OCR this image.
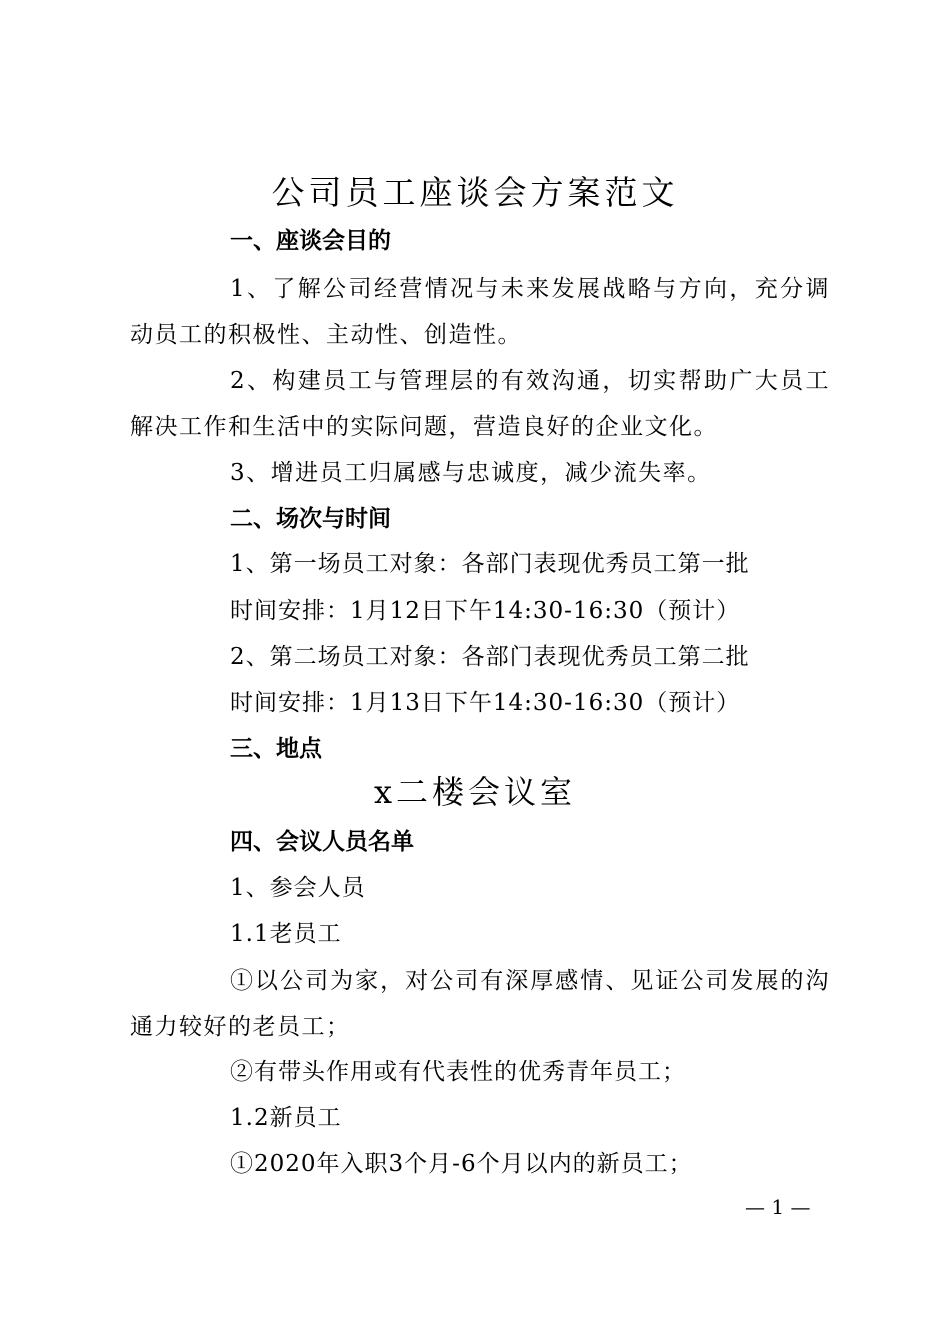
公司员工座谈会方案范文
一、座谈会目的
1、了解公司经营情况与未来发展战略与方向，充分调动员工的积极性、主动性、创造性。
2、构建员工与管理层的有效沟通，切实帮助广大员工解决工作和生活中的实际问题，营造良好的企业文化。
3、增进员工归属感与忠诚度，减少流失率。
二、场次与时间
1、第一场员工对象：各部门表现优秀员工第一批
时间安排：1月12日下午14:30-16:30（预计）
2、第二场员工对象：各部门表现优秀员工第二批
时间安排：1月13日下午14:30-16:30（预计）
三、地点
x二楼会议室
四、会议人员名单
1、参会人员
1.1老员工
①以公司为家，对公司有深厚感情、见证公司发展的沟通力较好的老员工；
②有带头作用或有代表性的优秀青年员工；
1.2新员工
①2020年入职3个月-6个月以内的新员工；
— 1 —
